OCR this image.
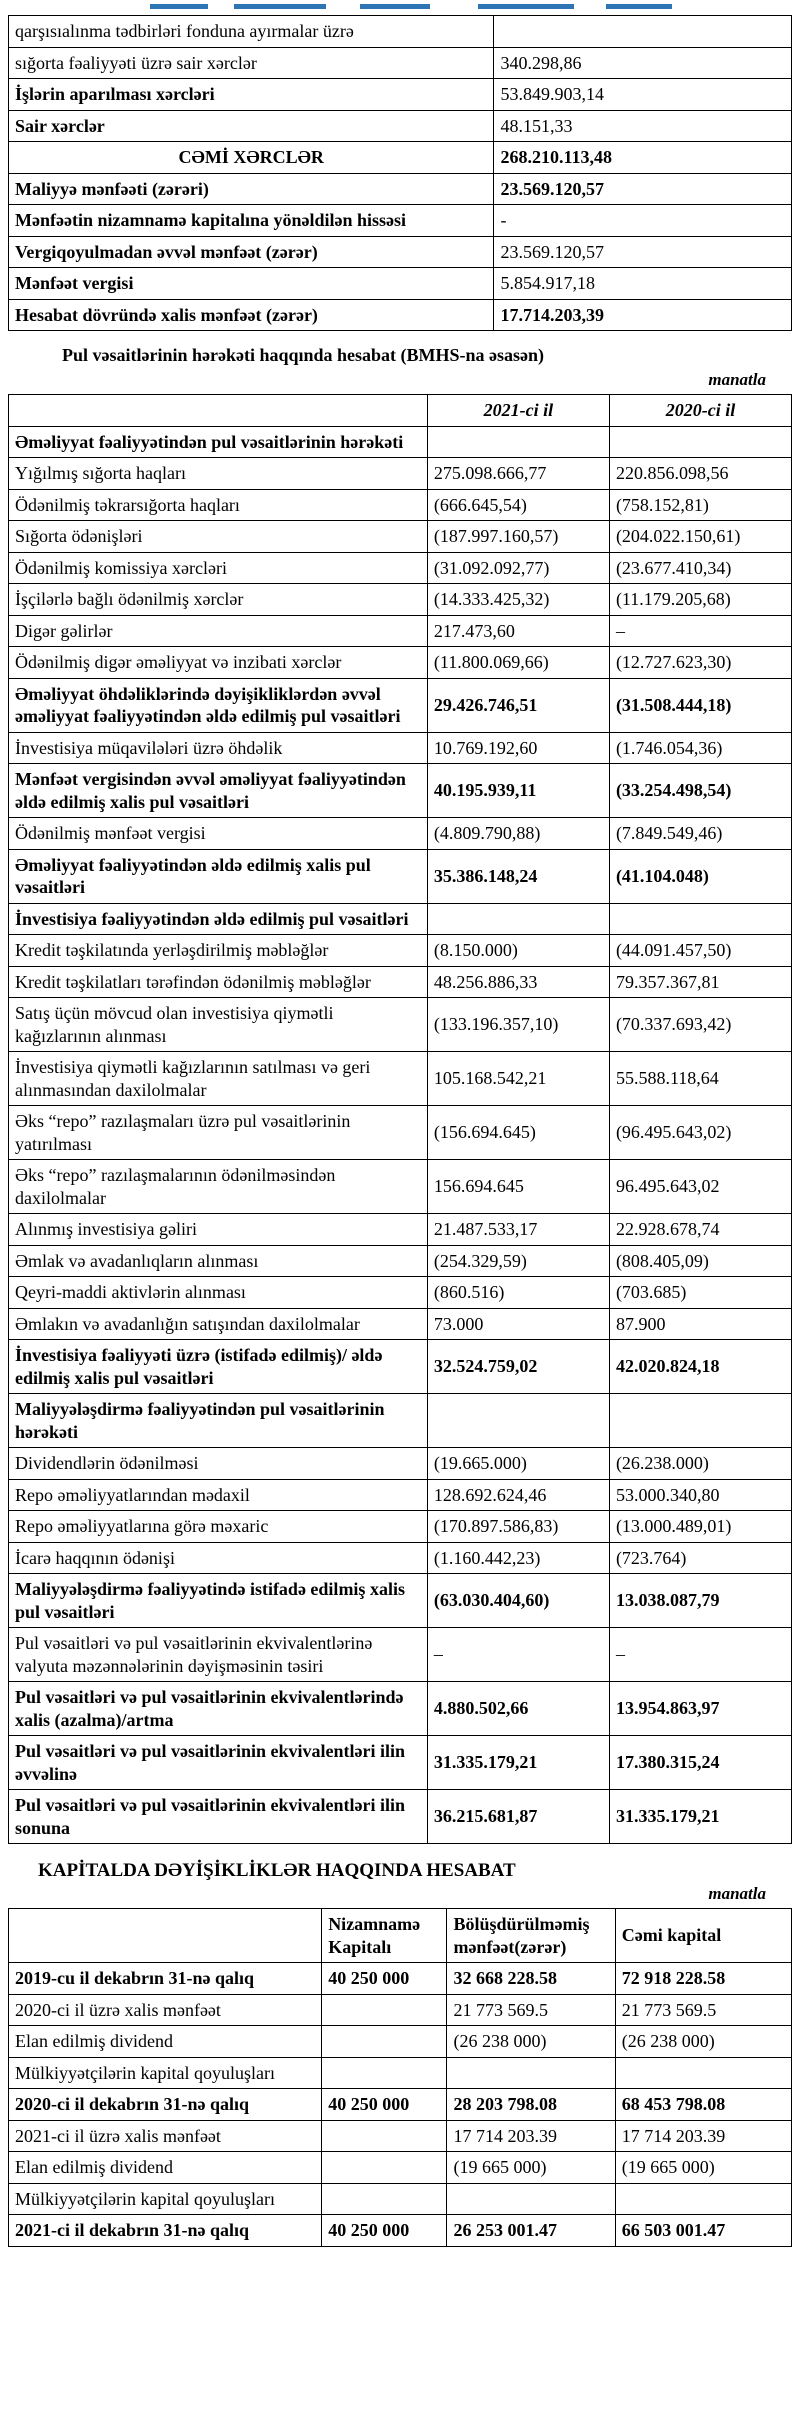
qarşısıalınma tədbirləri fonduna ayırmalar üzrə	
sığorta fəaliyyəti üzrə sair xərclər	340.298,86
İşlərin aparılması xərcləri	53.849.903,14
Sair xərclər	48.151,33
CƏMİ XƏRCLƏR	268.210.113,48
Maliyyə mənfəəti (zərəri)	23.569.120,57
Mənfəətin nizamnamə kapitalına yönəldilən hissəsi	-
Vergiqoyulmadan əvvəl mənfəət (zərər)	23.569.120,57
Mənfəət vergisi	5.854.917,18
Hesabat dövründə xalis mənfəət (zərər)	17.714.203,39
Pul vəsaitlərinin hərəkəti haqqında hesabat (BMHS-na əsasən)
manatla
	2021-ci il	2020-ci il
Əməliyyat fəaliyyətindən pul vəsaitlərinin hərəkəti		
Yığılmış sığorta haqları	275.098.666,77	220.856.098,56
Ödənilmiş təkrarsığorta haqları	(666.645,54)	(758.152,81)
Sığorta ödənişləri	(187.997.160,57)	(204.022.150,61)
Ödənilmiş komissiya xərcləri	(31.092.092,77)	(23.677.410,34)
İşçilərlə bağlı ödənilmiş xərclər	(14.333.425,32)	(11.179.205,68)
Digər gəlirlər	217.473,60	–
Ödənilmiş digər əməliyyat və inzibati xərclər	(11.800.069,66)	(12.727.623,30)
Əməliyyat öhdəliklərində dəyişikliklərdən əvvəl əməliyyat fəaliyyətindən əldə edilmiş pul vəsaitləri	29.426.746,51	(31.508.444,18)
İnvestisiya müqavilələri üzrə öhdəlik	10.769.192,60	(1.746.054,36)
Mənfəət vergisindən əvvəl əməliyyat fəaliyyətindən əldə edilmiş xalis pul vəsaitləri	40.195.939,11	(33.254.498,54)
Ödənilmiş mənfəət vergisi	(4.809.790,88)	(7.849.549,46)
Əməliyyat fəaliyyətindən əldə edilmiş xalis pul vəsaitləri	35.386.148,24	(41.104.048)
İnvestisiya fəaliyyətindən əldə edilmiş pul vəsaitləri		
Kredit təşkilatında yerləşdirilmiş məbləğlər	(8.150.000)	(44.091.457,50)
Kredit təşkilatları tərəfindən ödənilmiş məbləğlər	48.256.886,33	79.357.367,81
Satış üçün mövcud olan investisiya qiymətli kağızlarının alınması	(133.196.357,10)	(70.337.693,42)
İnvestisiya qiymətli kağızlarının satılması və geri alınmasından daxilolmalar	105.168.542,21	55.588.118,64
Əks “repo” razılaşmaları üzrə pul vəsaitlərinin yatırılması	(156.694.645)	(96.495.643,02)
Əks “repo” razılaşmalarının ödənilməsindən daxilolmalar	156.694.645	96.495.643,02
Alınmış investisiya gəliri	21.487.533,17	22.928.678,74
Əmlak və avadanlıqların alınması	(254.329,59)	(808.405,09)
Qeyri-maddi aktivlərin alınması	(860.516)	(703.685)
Əmlakın və avadanlığın satışından daxilolmalar	73.000	87.900
İnvestisiya fəaliyyəti üzrə (istifadə edilmiş)/ əldə edilmiş xalis pul vəsaitləri	32.524.759,02	42.020.824,18
Maliyyələşdirmə fəaliyyətindən pul vəsaitlərinin hərəkəti		
Dividendlərin ödənilməsi	(19.665.000)	(26.238.000)
Repo əməliyyatlarından mədaxil	128.692.624,46	53.000.340,80
Repo əməliyyatlarına görə məxaric	(170.897.586,83)	(13.000.489,01)
İcarə haqqının ödənişi	(1.160.442,23)	(723.764)
Maliyyələşdirmə fəaliyyətində istifadə edilmiş xalis pul vəsaitləri	(63.030.404,60)	13.038.087,79
Pul vəsaitləri və pul vəsaitlərinin ekvivalentlərinə valyuta məzənnələrinin dəyişməsinin təsiri	–	–
Pul vəsaitləri və pul vəsaitlərinin ekvivalentlərində xalis (azalma)/artma	4.880.502,66	13.954.863,97
Pul vəsaitləri və pul vəsaitlərinin ekvivalentləri ilin əvvəlinə	31.335.179,21	17.380.315,24
Pul vəsaitləri və pul vəsaitlərinin ekvivalentləri ilin sonuna	36.215.681,87	31.335.179,21
KAPİTALDA DƏYİŞİKLİKLƏR HAQQINDA HESABAT
manatla
	Nizamnamə Kapitalı	Bölüşdürülməmiş mənfəət(zərər)	Cəmi kapital
2019-cu il dekabrın 31-nə qalıq	40 250 000	32 668 228.58	72 918 228.58
2020-ci il üzrə xalis mənfəət		21 773 569.5	21 773 569.5
Elan edilmiş dividend		(26 238 000)	(26 238 000)
Mülkiyyətçilərin kapital qoyuluşları			
2020-ci il dekabrın 31-nə qalıq	40 250 000	28 203 798.08	68 453 798.08
2021-ci il üzrə xalis mənfəət		17 714 203.39	17 714 203.39
Elan edilmiş dividend		(19 665 000)	(19 665 000)
Mülkiyyətçilərin kapital qoyuluşları			
2021-ci il dekabrın 31-nə qalıq	40 250 000	26 253 001.47	66 503 001.47
